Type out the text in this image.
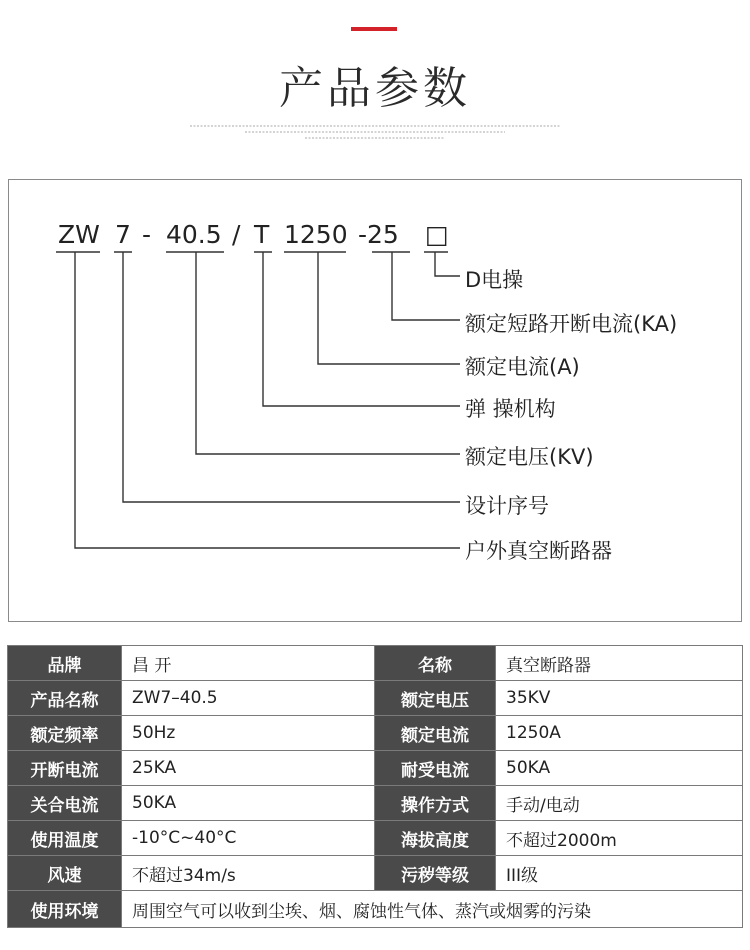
产品参数
ZW 7 - 40.5 / T 1250 -25 □
D电操
额定短路开断电流(KA)
额定电流(A)
弹 操机构
额定电压(KV)
设计序号
户外真空断路器
品牌	昌 开	名称	真空断路器
产品名称	ZW7–40.5	额定电压	35KV
额定频率	50Hz	额定电流	1250A
开断电流	25KA	耐受电流	50KA
关合电流	50KA	操作方式	手动/电动
使用温度	-10°C~40°C	海拔高度	不超过2000m
风速	不超过34m/s	污秽等级	III级
使用环境	周围空气可以收到尘埃、烟、腐蚀性气体、蒸汽或烟雾的污染		
